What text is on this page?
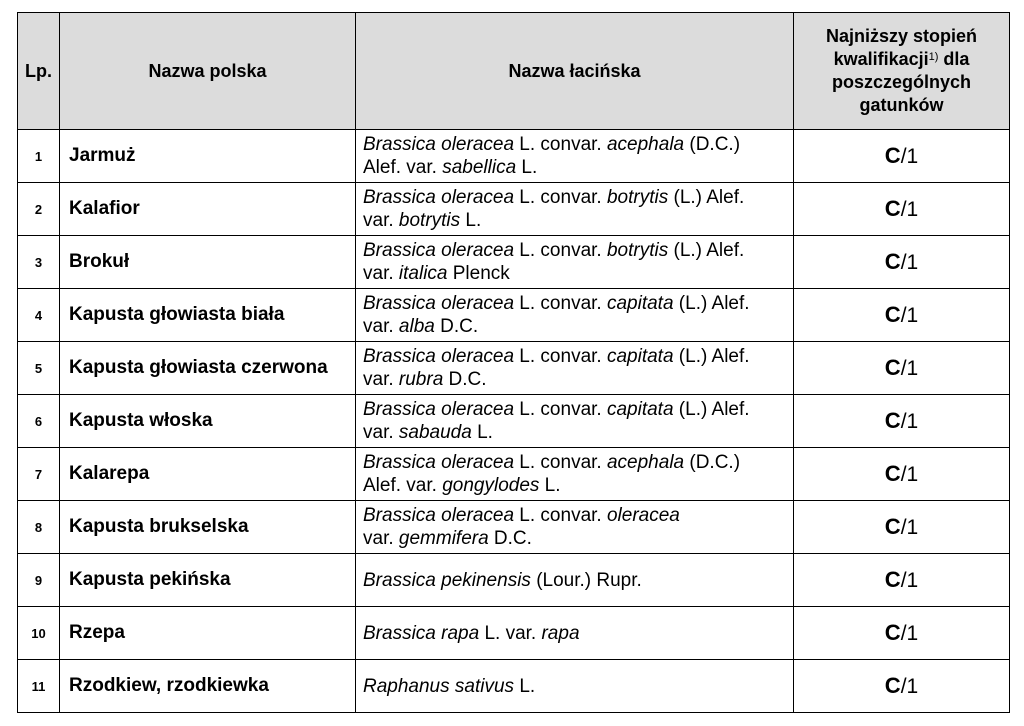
Lp.	Nazwa polska	Nazwa łacińska	Najniższy stopień
kwalifikacji$^{1)}$ dla
poszczególnych
gatunków
1	Jarmuż	Brassica oleracea L. convar. acephala (D.C.)
Alef. var. sabellica L.	C/1
2	Kalafior	Brassica oleracea L. convar. botrytis (L.) Alef.
var. botrytis L.	C/1
3	Brokuł	Brassica oleracea L. convar. botrytis (L.) Alef.
var. italica Plenck	C/1
4	Kapusta głowiasta biała	Brassica oleracea L. convar. capitata (L.) Alef.
var. alba D.C.	C/1
5	Kapusta głowiasta czerwona	Brassica oleracea L. convar. capitata (L.) Alef.
var. rubra D.C.	C/1
6	Kapusta włoska	Brassica oleracea L. convar. capitata (L.) Alef.
var. sabauda L.	C/1
7	Kalarepa	Brassica oleracea L. convar. acephala (D.C.)
Alef. var. gongylodes L.	C/1
8	Kapusta brukselska	Brassica oleracea L. convar. oleracea
var. gemmifera D.C.	C/1
9	Kapusta pekińska	Brassica pekinensis (Lour.) Rupr.	C/1
10	Rzepa	Brassica rapa L. var. rapa	C/1
11	Rzodkiew, rzodkiewka	Raphanus sativus L.	C/1
